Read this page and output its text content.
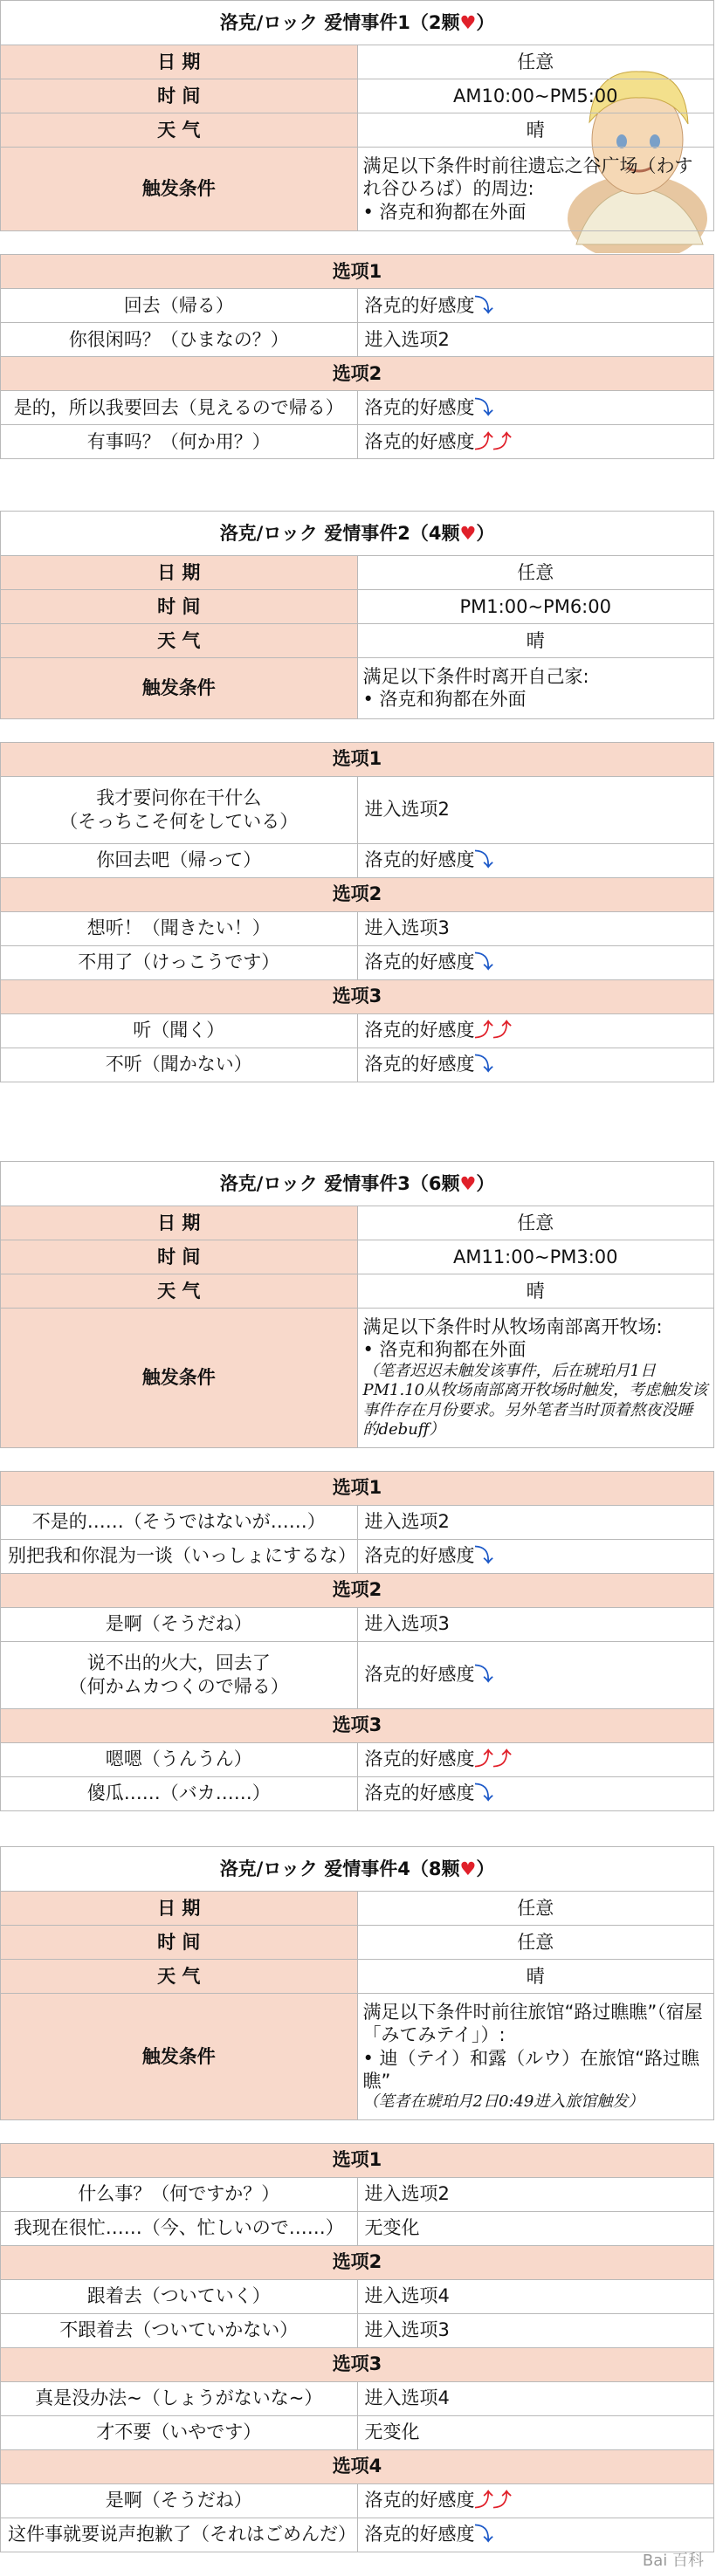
洛克/ロック 爱情事件1（2颗♥）	
日 期	任意
时 间	AM10:00~PM5:00
天 气	晴
触发条件	满足以下条件时前往遗忘之谷广场（わすれ谷ひろば）的周边:
• 洛克和狗都在外面
选项1	
回去（帰る）	洛克的好感度⤵
你很闲吗？（ひまなの？）	进入选项2
选项2	
是的，所以我要回去（見えるので帰る）	洛克的好感度⤵
有事吗？（何か用？）	洛克的好感度⤴⤴
洛克/ロック 爱情事件2（4颗♥）	
日 期	任意
时 间	PM1:00~PM6:00
天 气	晴
触发条件	满足以下条件时离开自己家:
• 洛克和狗都在外面
选项1	
我才要问你在干什么
（そっちこそ何をしている）	进入选项2
你回去吧（帰って）	洛克的好感度⤵
选项2	
想听！（聞きたい！）	进入选项3
不用了（けっこうです）	洛克的好感度⤵
选项3	
听（聞く）	洛克的好感度⤴⤴
不听（聞かない）	洛克的好感度⤵
洛克/ロック 爱情事件3（6颗♥）	
日 期	任意
时 间	AM11:00~PM3:00
天 气	晴
触发条件	满足以下条件时从牧场南部离开牧场:
• 洛克和狗都在外面
（笔者迟迟未触发该事件，后在琥珀月1日PM1.10从牧场南部离开牧场时触发，考虑触发该事件存在月份要求。另外笔者当时顶着熬夜没睡的debuff）
选项1	
不是的……（そうではないが……）	进入选项2
别把我和你混为一谈（いっしょにするな）	洛克的好感度⤵
选项2	
是啊（そうだね）	进入选项3
说不出的火大，回去了
（何かムカつくので帰る）	洛克的好感度⤵
选项3	
嗯嗯（うんうん）	洛克的好感度⤴⤴
傻瓜……（バカ……）	洛克的好感度⤵
洛克/ロック 爱情事件4（8颗♥）	
日 期	任意
时 间	任意
天 气	晴
触发条件	满足以下条件时前往旅馆“路过瞧瞧”（宿屋「みてみテイ」）:
• 迪（テイ）和露（ルウ）在旅馆“路过瞧瞧”
（笔者在琥珀月2日0:49进入旅馆触发）
选项1	
什么事？（何ですか？）	进入选项2
我现在很忙……（今、忙しいので……）	无变化
选项2	
跟着去（ついていく）	进入选项4
不跟着去（ついていかない）	进入选项3
选项3	
真是没办法~（しょうがないな~）	进入选项4
才不要（いやです）	无变化
选项4	
是啊（そうだね）	洛克的好感度⤴⤴
这件事就要说声抱歉了（それはごめんだ）	洛克的好感度⤵
Bai 百科
